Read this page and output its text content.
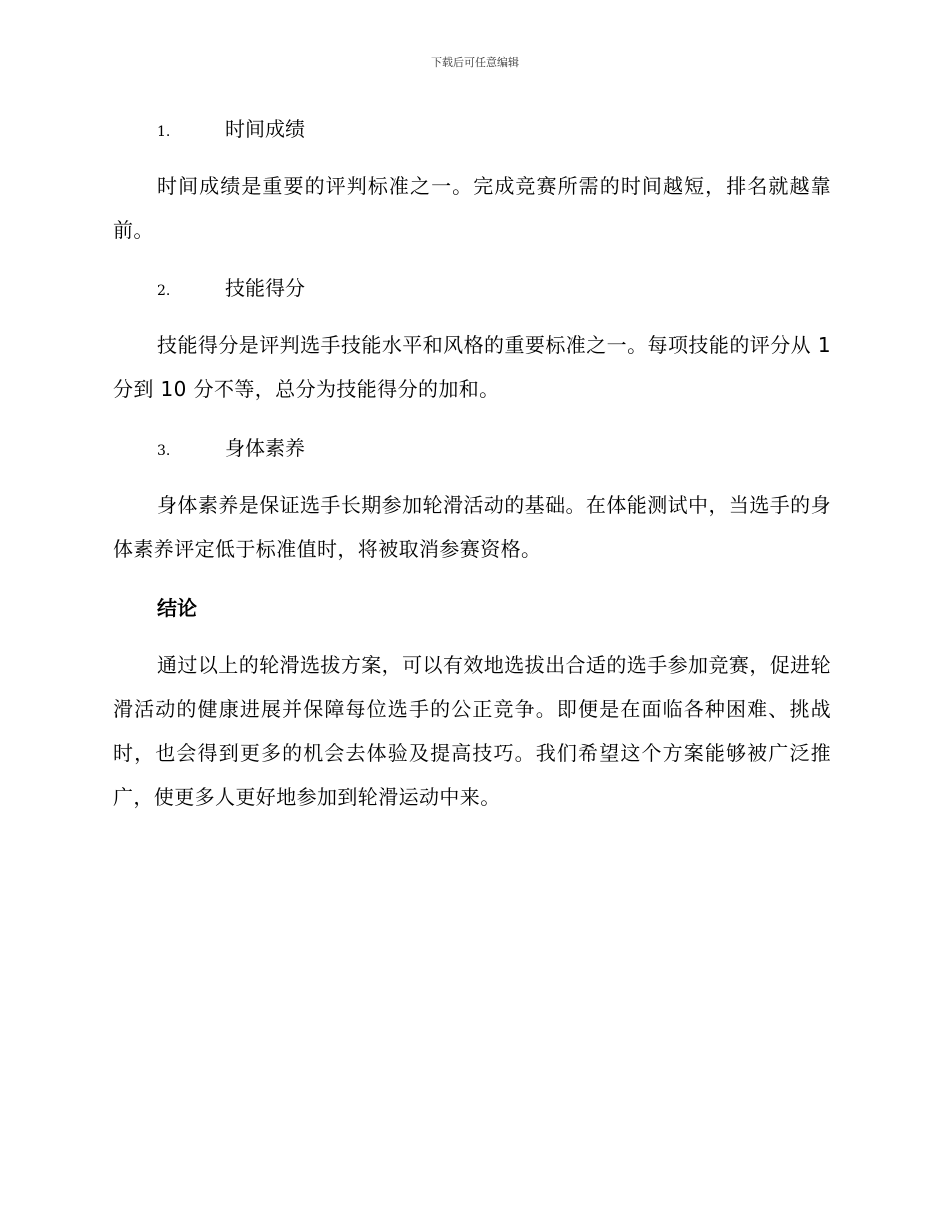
下载后可任意编辑
1.	时间成绩

时间成绩是重要的评判标准之一。完成竞赛所需的时间越短，排名就越靠前。

2.	技能得分

技能得分是评判选手技能水平和风格的重要标准之一。每项技能的评分从 1 分到 10 分不等，总分为技能得分的加和。

3.	身体素养

身体素养是保证选手长期参加轮滑活动的基础。在体能测试中，当选手的身体素养评定低于标准值时，将被取消参赛资格。

结论

通过以上的轮滑选拔方案，可以有效地选拔出合适的选手参加竞赛，促进轮滑活动的健康进展并保障每位选手的公正竞争。即便是在面临各种困难、挑战时，也会得到更多的机会去体验及提高技巧。我们希望这个方案能够被广泛推广，使更多人更好地参加到轮滑运动中来。
